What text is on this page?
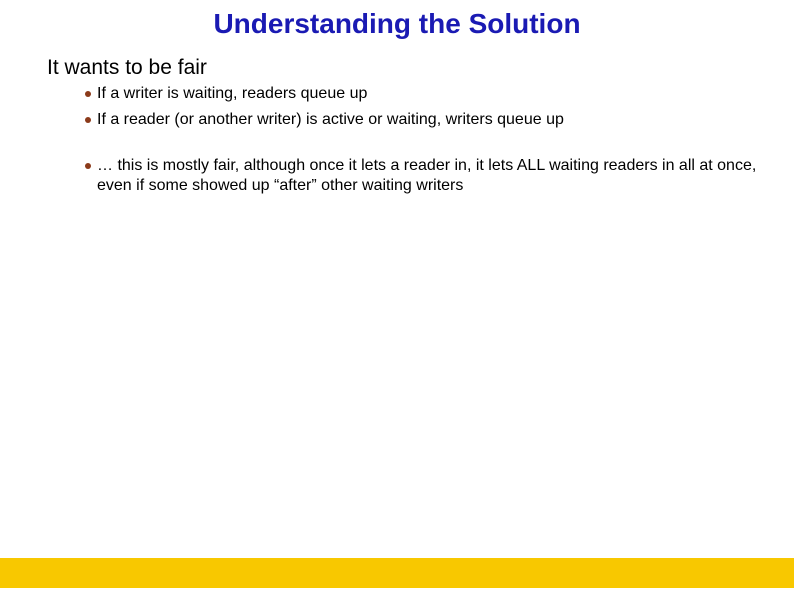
Understanding the Solution
It wants to be fair
If a writer is waiting, readers queue up
If a reader (or another writer) is active or waiting, writers queue up
… this is mostly fair, although once it lets a reader in, it lets ALL waiting readers in all at once, even if some showed up “after” other waiting writers
